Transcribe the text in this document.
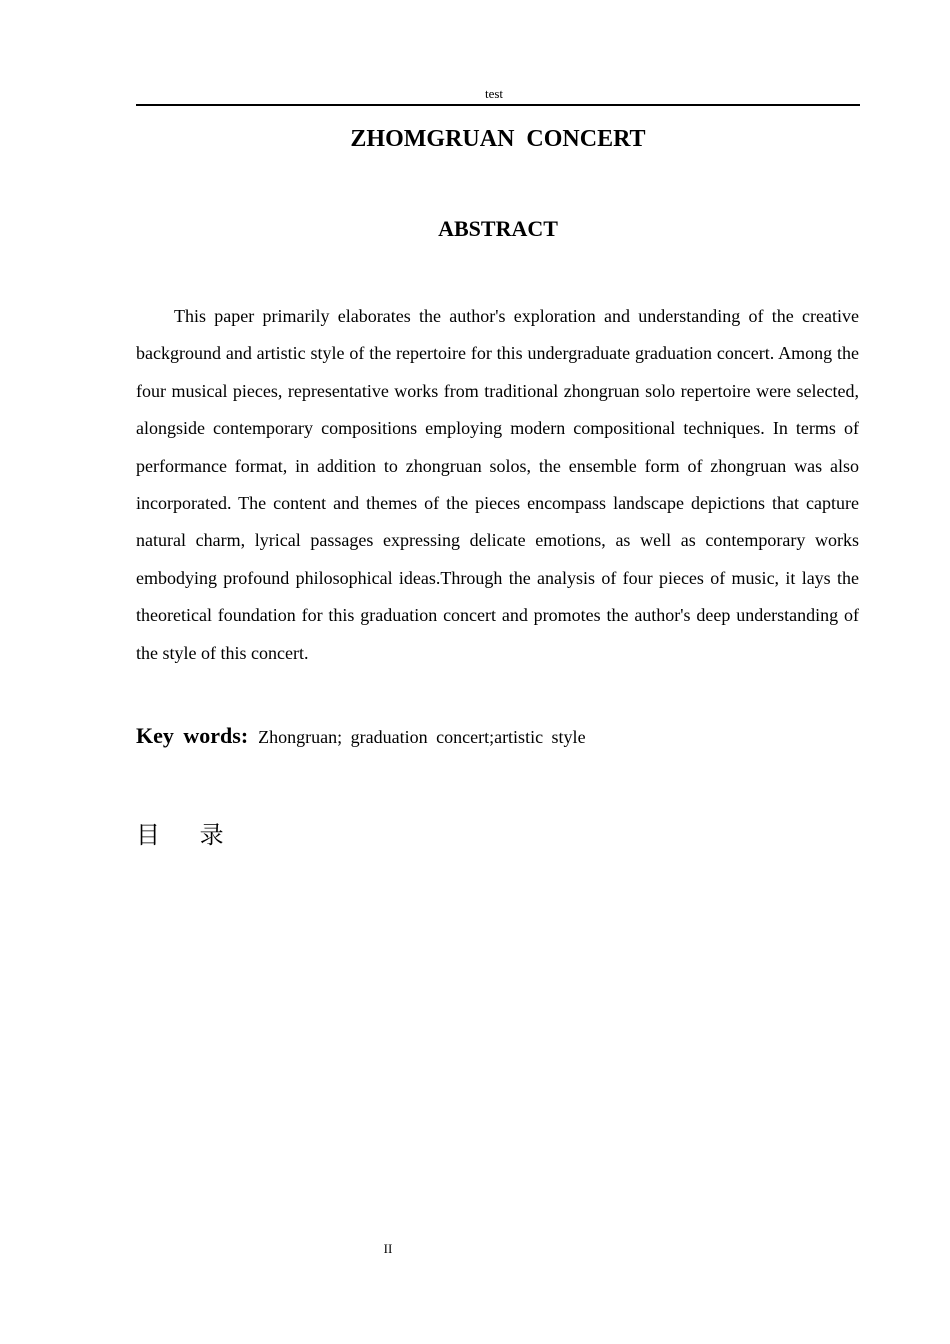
test
ZHOMGRUAN CONCERT
ABSTRACT

This paper primarily elaborates the author's exploration and understanding of the creative background and artistic style of the repertoire for this undergraduate graduation concert. Among the four musical pieces, representative works from traditional zhongruan solo repertoire were selected, alongside contemporary compositions employing modern compositional techniques. In terms of performance format, in addition to zhongruan solos, the ensemble form of zhongruan was also incorporated. The content and themes of the pieces encompass landscape depictions that capture natural charm, lyrical passages expressing delicate emotions, as well as contemporary works embodying profound philosophical ideas.Through the analysis of four pieces of music, it lays the theoretical foundation for this graduation concert and promotes the author's deep understanding of the style of this concert.

Key words: Zhongruan; graduation concert;artistic style

目 录
II
